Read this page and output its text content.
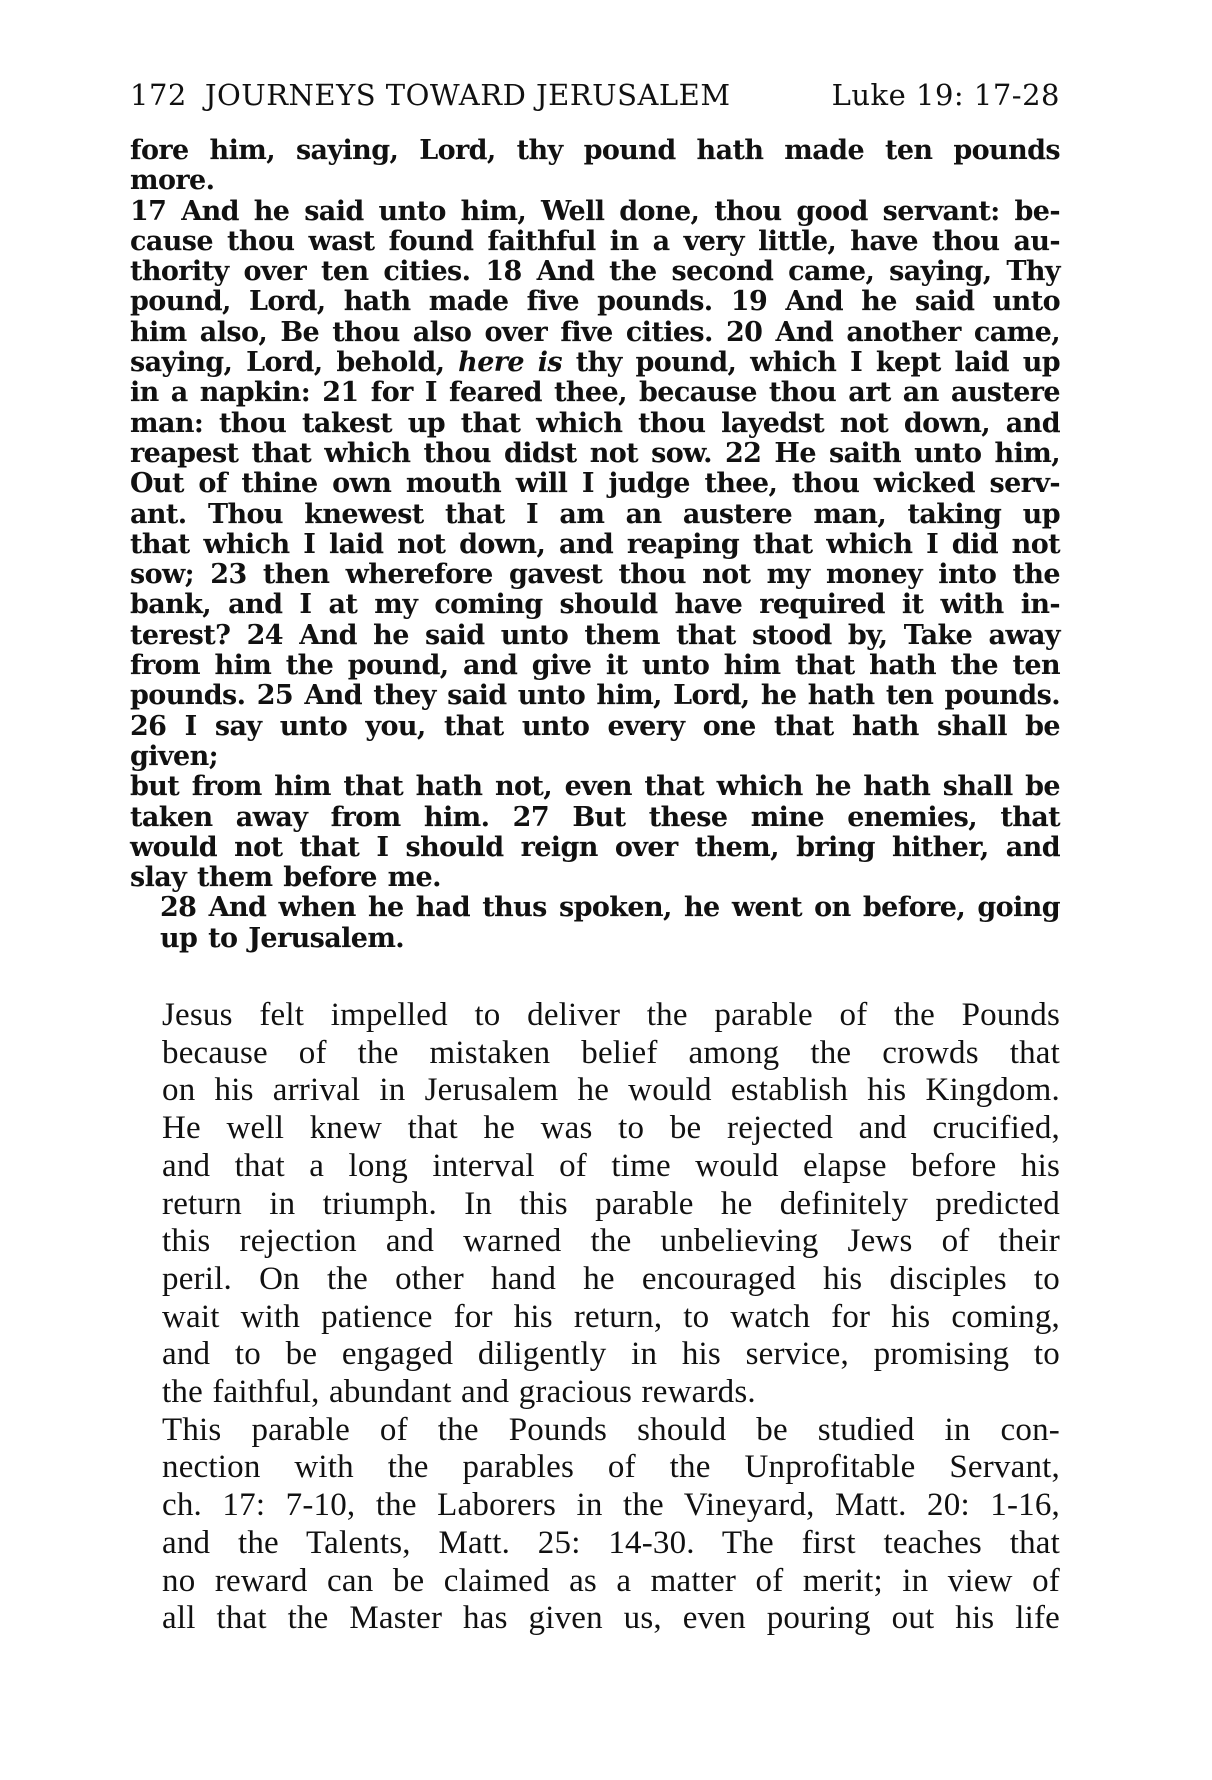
172 JOURNEYS TOWARD JERUSALEM	Luke 19: 17-28

fore him, saying, Lord, thy pound hath made ten pounds more.
17 And he said unto him, Well done, thou good servant: be-
cause thou wast found faithful in a very little, have thou au-
thority over ten cities. 18 And the second came, saying, Thy
pound, Lord, hath made five pounds. 19 And he said unto
him also, Be thou also over five cities. 20 And another came,
saying, Lord, behold, here is thy pound, which I kept laid up
in a napkin: 21 for I feared thee, because thou art an austere
man: thou takest up that which thou layedst not down, and
reapest that which thou didst not sow. 22 He saith unto him,
Out of thine own mouth will I judge thee, thou wicked serv-
ant. Thou knewest that I am an austere man, taking up
that which I laid not down, and reaping that which I did not
sow; 23 then wherefore gavest thou not my money into the
bank, and I at my coming should have required it with in-
terest? 24 And he said unto them that stood by, Take away
from him the pound, and give it unto him that hath the ten
pounds. 25 And they said unto him, Lord, he hath ten pounds.
26 I say unto you, that unto every one that hath shall be given;
but from him that hath not, even that which he hath shall be
taken away from him. 27 But these mine enemies, that
would not that I should reign over them, bring hither, and
slay them before me.

28 And when he had thus spoken, he went on before, going
up to Jerusalem.

Jesus felt impelled to deliver the parable of the Pounds
because of the mistaken belief among the crowds that
on his arrival in Jerusalem he would establish his Kingdom.
He well knew that he was to be rejected and crucified,
and that a long interval of time would elapse before his
return in triumph. In this parable he definitely predicted
this rejection and warned the unbelieving Jews of their
peril. On the other hand he encouraged his disciples to
wait with patience for his return, to watch for his coming,
and to be engaged diligently in his service, promising to
the faithful, abundant and gracious rewards.

This parable of the Pounds should be studied in con-
nection with the parables of the Unprofitable Servant,
ch. 17: 7-10, the Laborers in the Vineyard, Matt. 20: 1-16,
and the Talents, Matt. 25: 14-30. The first teaches that
no reward can be claimed as a matter of merit; in view of
all that the Master has given us, even pouring out his life
